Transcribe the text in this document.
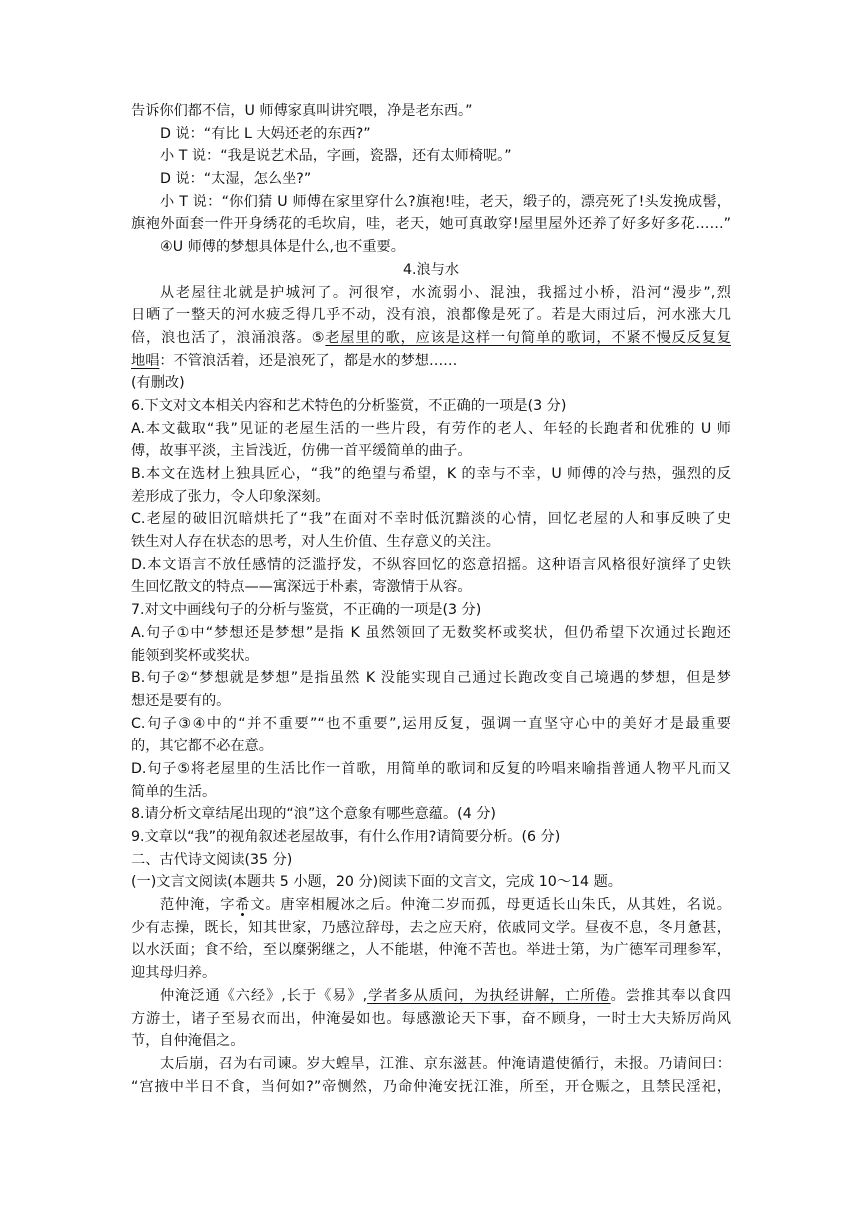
告诉你们都不信，U 师傅家真叫讲究喂，净是老东西。”
D 说：“有比 L 大妈还老的东西?”
小 T 说：“我是说艺术品，字画，瓷器，还有太师椅呢。”
D 说：“太湿，怎么坐?”
小 T 说：“你们猜 U 师傅在家里穿什么?旗袍!哇，老天，缎子的，漂亮死了!头发挽成髻，
旗袍外面套一件开身绣花的毛坎肩，哇，老天，她可真敢穿!屋里屋外还养了好多好多花……”
④U 师傅的梦想具体是什么,也不重要。
4.浪与水
从老屋往北就是护城河了。河很窄，水流弱小、混浊，我摇过小桥，沿河“漫步”,烈
日晒了一整天的河水疲乏得几乎不动，没有浪，浪都像是死了。若是大雨过后，河水涨大几
倍，浪也活了，浪涌浪落。⑤老屋里的歌，应该是这样一句简单的歌词，不紧不慢反反复复
地唱：不管浪活着，还是浪死了，都是水的梦想……
(有删改)
6.下文对文本相关内容和艺术特色的分析鉴赏，不正确的一项是(3 分)
A.本文截取“我”见证的老屋生活的一些片段，有劳作的老人、年轻的长跑者和优雅的 U 师
傅，故事平淡，主旨浅近，仿佛一首平缓简单的曲子。
B.本文在选材上独具匠心，“我”的绝望与希望，K 的幸与不幸，U 师傅的冷与热，强烈的反
差形成了张力，令人印象深刻。
C.老屋的破旧沉暗烘托了“我”在面对不幸时低沉黯淡的心情，回忆老屋的人和事反映了史
铁生对人存在状态的思考，对人生价值、生存意义的关注。
D.本文语言不放任感情的泛滥抒发，不纵容回忆的恣意招摇。这种语言风格很好演绎了史铁
生回忆散文的特点——寓深远于朴素，寄激情于从容。
7.对文中画线句子的分析与鉴赏，不正确的一项是(3 分)
A.句子①中“梦想还是梦想”是指 K 虽然领回了无数奖杯或奖状，但仍希望下次通过长跑还
能领到奖杯或奖状。
B.句子②“梦想就是梦想”是指虽然 K 没能实现自己通过长跑改变自己境遇的梦想，但是梦
想还是要有的。
C.句子③④中的“并不重要”“也不重要”,运用反复，强调一直坚守心中的美好才是最重要
的，其它都不必在意。
D.句子⑤将老屋里的生活比作一首歌，用简单的歌词和反复的吟唱来喻指普通人物平凡而又
简单的生活。
8.请分析文章结尾出现的“浪”这个意象有哪些意蕴。(4 分)
9.文章以“我”的视角叙述老屋故事，有什么作用?请简要分析。(6 分)
二、古代诗文阅读(35 分)
(一)文言文阅读(本题共 5 小题，20 分)阅读下面的文言文，完成 10～14 题。
范仲淹，字希文。唐宰相履冰之后。仲淹二岁而孤，母更适长山朱氏，从其姓，名说。
少有志操，既长，知其世家，乃感泣辞母，去之应天府，依戚同文学。昼夜不息，冬月惫甚，
以水沃面；食不给，至以糜粥继之，人不能堪，仲淹不苦也。举进士第，为广德军司理参军，
迎其母归养。
仲淹泛通《六经》,长于《易》,学者多从质问，为执经讲解，亡所倦。尝推其奉以食四
方游士，诸子至易衣而出，仲淹晏如也。每感激论天下事，奋不顾身，一时士大夫矫厉尚风
节，自仲淹倡之。
太后崩，召为右司谏。岁大蝗旱，江淮、京东滋甚。仲淹请遣使循行，未报。乃请间曰：
“宫掖中半日不食，当何如?”帝恻然，乃命仲淹安抚江淮，所至，开仓赈之，且禁民淫祀，
